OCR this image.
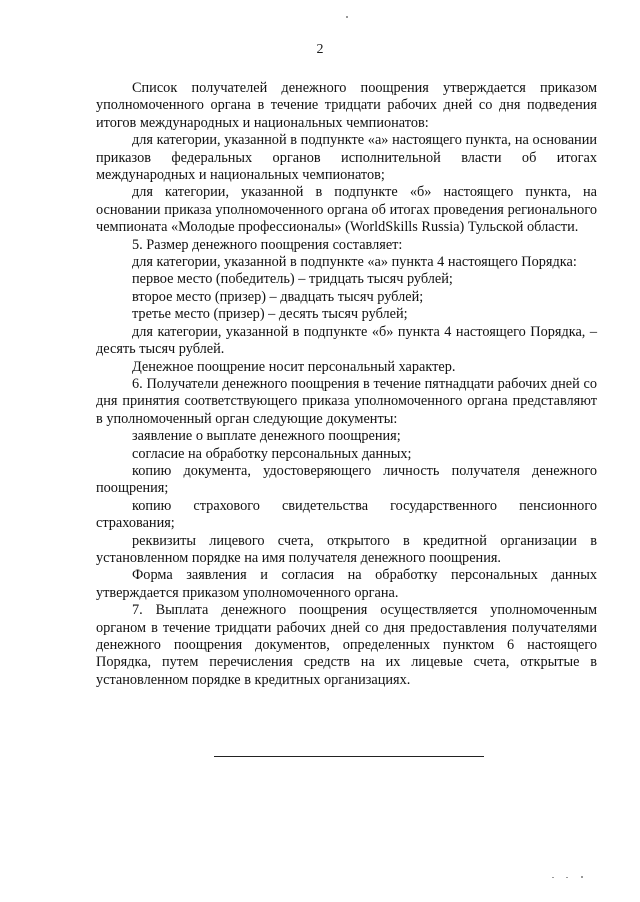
2

Список получателей денежного поощрения утверждается приказом уполномоченного органа в течение тридцати рабочих дней со дня подведения итогов международных и национальных чемпионатов:

для категории, указанной в подпункте «а» настоящего пункта, на основании приказов федеральных органов исполнительной власти об итогах международных и национальных чемпионатов;

для категории, указанной в подпункте «б» настоящего пункта, на основании приказа уполномоченного органа об итогах проведения регионального чемпионата «Молодые профессионалы» (WorldSkills Russia) Тульской области.

5. Размер денежного поощрения составляет:

для категории, указанной в подпункте «а» пункта 4 настоящего Порядка:

первое место (победитель) – тридцать тысяч рублей;

второе место (призер) – двадцать тысяч рублей;

третье место (призер) – десять тысяч рублей;

для категории, указанной в подпункте «б» пункта 4 настоящего Порядка, – десять тысяч рублей.

Денежное поощрение носит персональный характер.

6. Получатели денежного поощрения в течение пятнадцати рабочих дней со дня принятия соответствующего приказа уполномоченного органа представляют в уполномоченный орган следующие документы:

заявление о выплате денежного поощрения;

согласие на обработку персональных данных;

копию документа, удостоверяющего личность получателя денежного поощрения;

копию страхового свидетельства государственного пенсионного страхования;

реквизиты лицевого счета, открытого в кредитной организации в установленном порядке на имя получателя денежного поощрения.

Форма заявления и согласия на обработку персональных данных утверждается приказом уполномоченного органа.

7. Выплата денежного поощрения осуществляется уполномоченным органом в течение тридцати рабочих дней со дня предоставления получателями денежного поощрения документов, определенных пунктом 6 настоящего Порядка, путем перечисления средств на их лицевые счета, открытые в установленном порядке в кредитных организациях.
